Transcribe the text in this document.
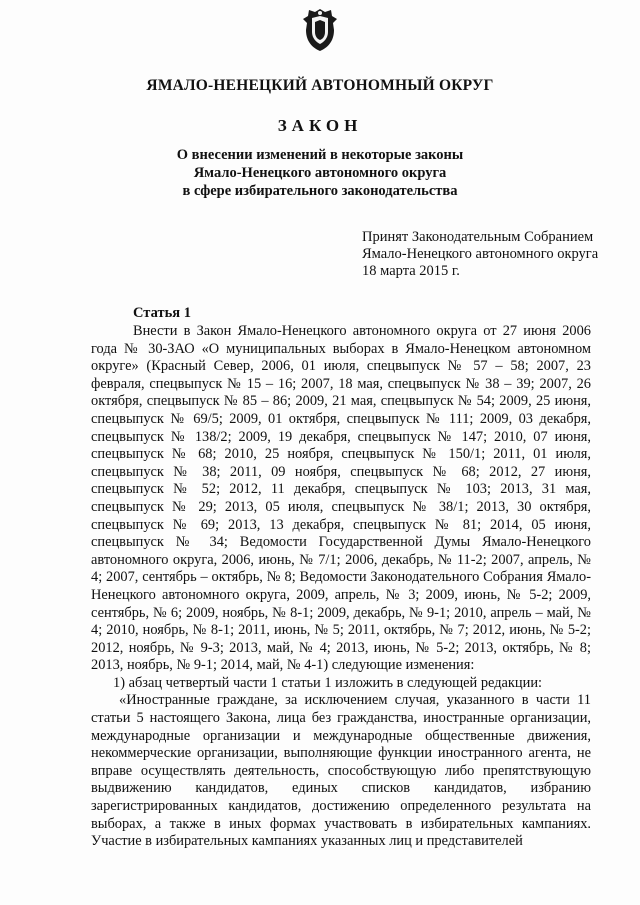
ЯМАЛО-НЕНЕЦКИЙ АВТОНОМНЫЙ ОКРУГ
ЗАКОН
О внесении изменений в некоторые законы
Ямало-Ненецкого автономного округа
в сфере избирательного законодательства
Принят Законодательным Собранием
Ямало-Ненецкого автономного округа
18 марта 2015 г.
Статья 1

Внести в Закон Ямало-Ненецкого автономного округа от 27 июня 2006 года № 30-ЗАО «О муниципальных выборах в Ямало-Ненецком автономном округе» (Красный Север, 2006, 01 июля, спецвыпуск № 57 – 58; 2007, 23 февраля, спецвыпуск № 15 – 16; 2007, 18 мая, спецвыпуск № 38 – 39; 2007, 26 октября, спецвыпуск № 85 – 86; 2009, 21 мая, спецвыпуск № 54; 2009, 25 июня, спецвыпуск № 69/5; 2009, 01 октября, спецвыпуск № 111; 2009, 03 декабря, спецвыпуск № 138/2; 2009, 19 декабря, спецвыпуск № 147; 2010, 07 июня, спецвыпуск № 68; 2010, 25 ноября, спецвыпуск № 150/1; 2011, 01 июля, спецвыпуск № 38; 2011, 09 ноября, спецвыпуск № 68; 2012, 27 июня, спецвыпуск № 52; 2012, 11 декабря, спецвыпуск № 103; 2013, 31 мая, спецвыпуск № 29; 2013, 05 июля, спецвыпуск № 38/1; 2013, 30 октября, спецвыпуск № 69; 2013, 13 декабря, спецвыпуск № 81; 2014, 05 июня, спецвыпуск № 34; Ведомости Государственной Думы Ямало-Ненецкого автономного округа, 2006, июнь, № 7/1; 2006, декабрь, № 11-2; 2007, апрель, № 4; 2007, сентябрь – октябрь, № 8; Ведомости Законодательного Собрания Ямало-Ненецкого автономного округа, 2009, апрель, № 3; 2009, июнь, № 5-2; 2009, сентябрь, № 6; 2009, ноябрь, № 8-1; 2009, декабрь, № 9-1; 2010, апрель – май, № 4; 2010, ноябрь, № 8-1; 2011, июнь, № 5; 2011, октябрь, № 7; 2012, июнь, № 5-2; 2012, ноябрь, № 9-3; 2013, май, № 4; 2013, июнь, № 5-2; 2013, октябрь, № 8; 2013, ноябрь, № 9-1; 2014, май, № 4-1) следующие изменения:

1) абзац четвертый части 1 статьи 1 изложить в следующей редакции:

«Иностранные граждане, за исключением случая, указанного в части 11 статьи 5 настоящего Закона, лица без гражданства, иностранные организации, международные организации и международные общественные движения, некоммерческие организации, выполняющие функции иностранного агента, не вправе осуществлять деятельность, способствующую либо препятствующую выдвижению кандидатов, единых списков кандидатов, избранию зарегистрированных кандидатов, достижению определенного результата на выборах, а также в иных формах участвовать в избирательных кампаниях. Участие в избирательных кампаниях указанных лиц и представителей
